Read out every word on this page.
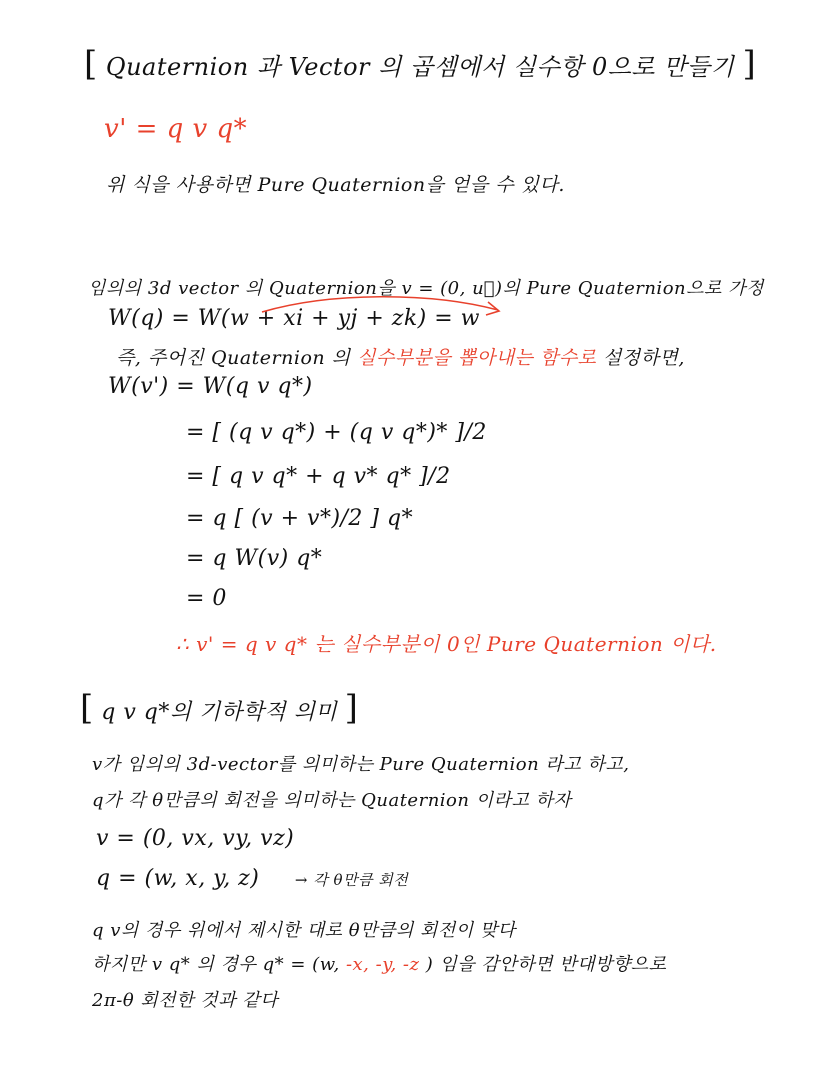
[ Quaternion 과 Vector 의 곱셈에서 실수항 0으로 만들기 ]
v' = q v q*
위 식을 사용하면 Pure Quaternion을 얻을 수 있다.
임의의 3d vector 의 Quaternion을 v = (0, u⃗)의 Pure Quaternion으로 가정
W(q) = W(w + xi + yj + zk) = w
즉, 주어진 Quaternion 의 실수부분을 뽑아내는 함수로 설정하면,
W(v') = W(q v q*)
= [ (q v q*) + (q v q*)* ]/2
= [ q v q* + q v* q* ]/2
= q [ (v + v*)/2 ] q*
= q W(v) q*
= 0
∴ v' = q v q* 는 실수부분이 0인 Pure Quaternion 이다.
[ q v q*의 기하학적 의미 ]
v가 임의의 3d-vector를 의미하는 Pure Quaternion 라고 하고,
q가 각 θ만큼의 회전을 의미하는 Quaternion 이라고 하자
v = (0, vx, vy, vz)
q = (w, x, y, z) → 각 θ만큼 회전
q v의 경우 위에서 제시한 대로 θ만큼의 회전이 맞다
하지만 v q* 의 경우 q* = (w, -x, -y, -z ) 임을 감안하면 반대방향으로
2π-θ 회전한 것과 같다
